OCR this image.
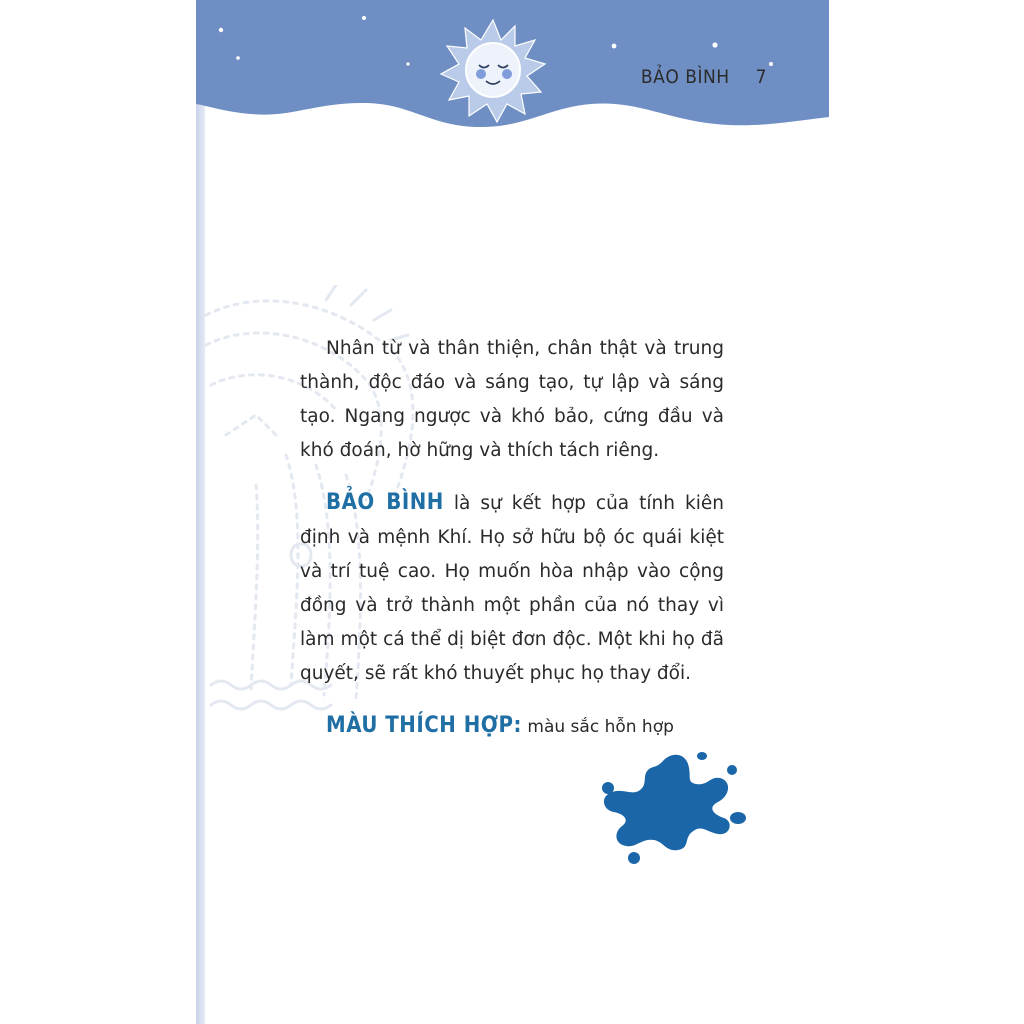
BẢO BÌNH 7

Nhân từ và thân thiện, chân thật và trung thành, độc đáo và sáng tạo, tự lập và sáng tạo. Ngang ngược và khó bảo, cứng đầu và khó đoán, hờ hững và thích tách riêng.

BẢO BÌNH là sự kết hợp của tính kiên định và mệnh Khí. Họ sở hữu bộ óc quái kiệt và trí tuệ cao. Họ muốn hòa nhập vào cộng đồng và trở thành một phần của nó thay vì làm một cá thể dị biệt đơn độc. Một khi họ đã quyết, sẽ rất khó thuyết phục họ thay đổi.

MÀU THÍCH HỢP: màu sắc hỗn hợp
